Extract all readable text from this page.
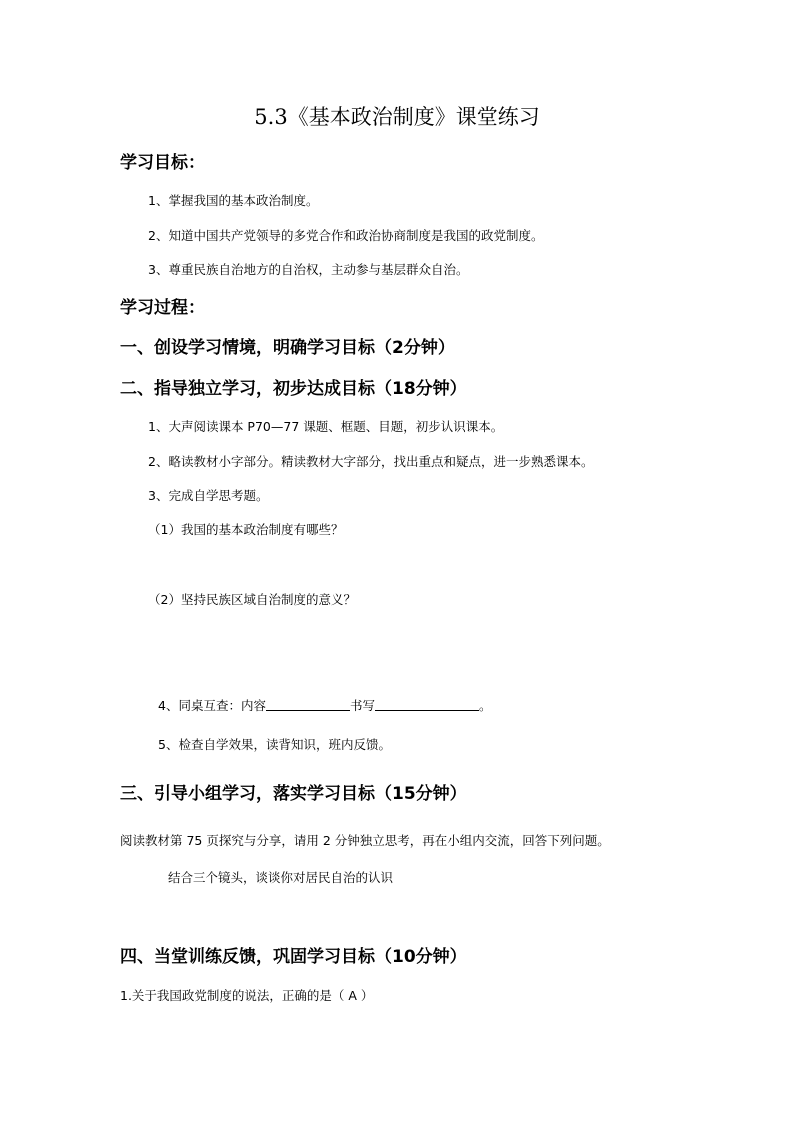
5.3《基本政治制度》课堂练习
学习目标：
1、掌握我国的基本政治制度。
2、知道中国共产党领导的多党合作和政治协商制度是我国的政党制度。
3、尊重民族自治地方的自治权，主动参与基层群众自治。
学习过程：
一、创设学习情境，明确学习目标（2分钟）
二、指导独立学习，初步达成目标（18分钟）
1、大声阅读课本 P70—77 课题、框题、目题，初步认识课本。
2、略读教材小字部分。精读教材大字部分，找出重点和疑点，进一步熟悉课本。
3、完成自学思考题。
（1）我国的基本政治制度有哪些？
（2）坚持民族区域自治制度的意义？
4、同桌互查：内容	书写	。
5、检查自学效果，读背知识，班内反馈。
三、引导小组学习，落实学习目标（15分钟）
阅读教材第 75 页探究与分享，请用 2 分钟独立思考，再在小组内交流，回答下列问题。
结合三个镜头，谈谈你对居民自治的认识
四、当堂训练反馈，巩固学习目标（10分钟）
1.关于我国政党制度的说法，正确的是（ A ）
